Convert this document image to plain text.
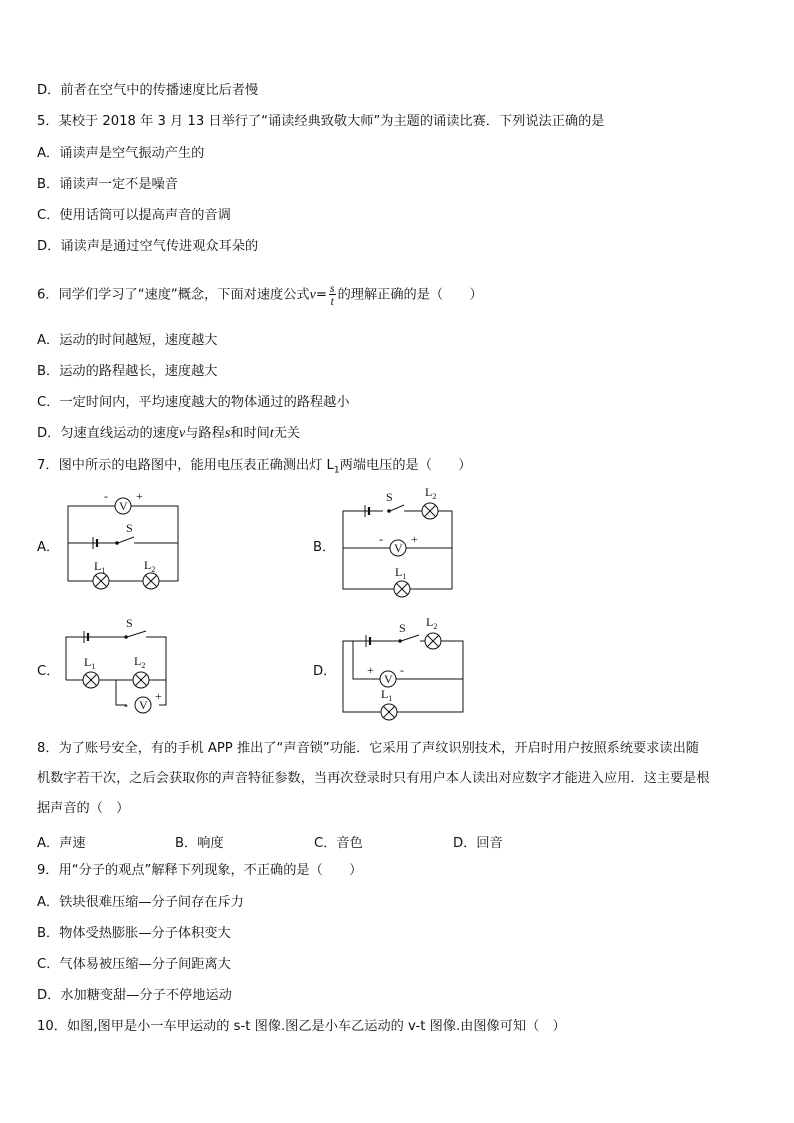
D．前者在空气中的传播速度比后者慢
5．某校于 2018 年 3 月 13 日举行了“诵读经典致敬大师”为主题的诵读比赛．下列说法正确的是
A．诵读声是空气振动产生的
B．诵读声一定不是噪音
C．使用话筒可以提高声音的音调
D．诵读声是通过空气传进观众耳朵的
6．同学们学习了“速度”概念，下面对速度公式$v= \frac{s}{t}$ 的理解正确的是（　　）
A．运动的时间越短，速度越大
B．运动的路程越长，速度越大
C．一定时间内，平均速度越大的物体通过的路程越小
D．匀速直线运动的速度v与路程s和时间t无关
7．图中所示的电路图中，能用电压表正确测出灯 $L_1$两端电压的是（　　）
A．	B．
C．	D．
-
V
+
S
$L_1$	$L_2$
S	$L_2$
-
V
+
$L_1$
S
$L_1$	$L_2$
- V
+
S $L_2$
+
V
-
$L_1$
8．为了账号安全，有的手机 APP 推出了“声音锁”功能．它采用了声纹识别技术，开启时用户按照系统要求读出随
机数字若干次，之后会获取你的声音特征参数，当再次登录时只有用户本人读出对应数字才能进入应用．这主要是根
据声音的（　）
A．声速	B．响度	C．音色	D．回音
9．用“分子的观点”解释下列现象，不正确的是（　　）
A．铁块很难压缩—分子间存在斥力
B．物体受热膨胀—分子体积变大
C．气体易被压缩—分子间距离大
D．水加糖变甜—分子不停地运动
10．如图,图甲是小一车甲运动的 s-t 图像.图乙是小车乙运动的 v-t 图像.由图像可知（　）
